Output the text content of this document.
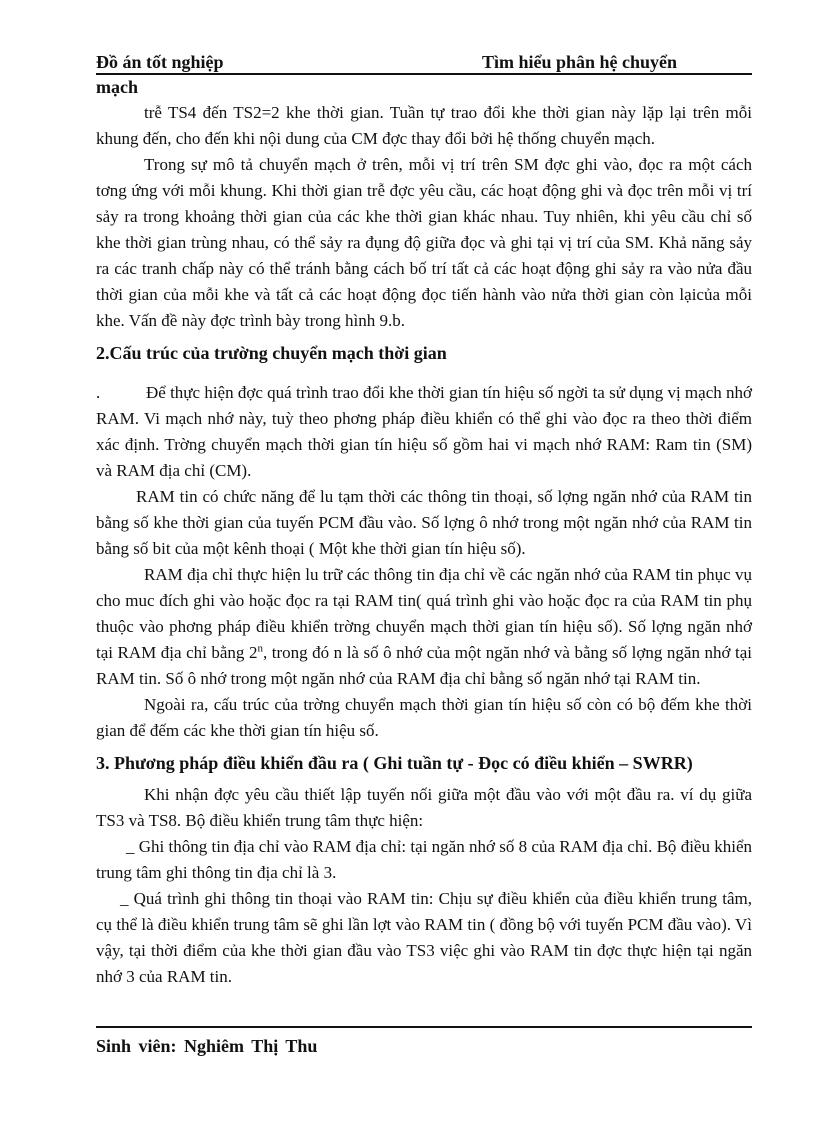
Đồ án tốt nghiệp	Tìm hiểu phân hệ chuyển
mạch

trễ TS4 đến TS2=2 khe thời gian. Tuần tự trao đổi khe thời gian này lặp lại trên mỗi khung đến, cho đến khi nội dung của CM đợc thay đổi bởi hệ thống chuyển mạch.

Trong sự mô tả chuyển mạch ở trên, mỗi vị trí trên SM đợc ghi vào, đọc ra một cách tơng ứng với mỗi khung. Khi thời gian trễ đợc yêu cầu, các hoạt động ghi và đọc trên mỗi vị trí sảy ra trong khoảng thời gian của các khe thời gian khác nhau. Tuy nhiên, khi yêu cầu chỉ số khe thời gian trùng nhau, có thể sảy ra đụng độ giữa đọc và ghi tại vị trí của SM. Khả năng sảy ra các tranh chấp này có thể tránh bằng cách bố trí tất cả các hoạt động ghi sảy ra vào nửa đầu thời gian của mỗi khe và tất cả các hoạt động đọc tiến hành vào nửa thời gian còn lạicủa mỗi khe. Vấn đề này đợc trình bày trong hình 9.b.

2.Cấu trúc của trường chuyển mạch thời gian

.	Để thực hiện đợc quá trình trao đổi khe thời gian tín hiệu số ngời ta sử dụng vị mạch nhớ RAM. Vi mạch nhớ này, tuỳ theo phơng pháp điều khiển có thể ghi vào đọc ra theo thời điểm xác định. Trờng chuyển mạch thời gian tín hiệu số gồm hai vi mạch nhớ RAM: Ram tin (SM) và RAM địa chỉ (CM).

RAM tin có chức năng để lu tạm thời các thông tin thoại, số lợng ngăn nhớ của RAM tin bằng số khe thời gian của tuyến PCM đầu vào. Số lợng ô nhớ trong một ngăn nhớ của RAM tin bằng số bit của một kênh thoại ( Một khe thời gian tín hiệu số).

RAM địa chỉ thực hiện lu trữ các thông tin địa chỉ về các ngăn nhớ của RAM tin phục vụ cho muc đích ghi vào hoặc đọc ra tại RAM tin( quá trình ghi vào hoặc đọc ra của RAM tin phụ thuộc vào phơng pháp điều khiển trờng chuyển mạch thời gian tín hiệu số). Số lợng ngăn nhớ tại RAM địa chỉ bằng 2$^n$, trong đó n là số ô nhớ của một ngăn nhớ và bằng số lợng ngăn nhớ tại RAM tin. Số ô nhớ trong một ngăn nhớ của RAM địa chỉ bằng số ngăn nhớ tại RAM tin.

Ngoài ra, cấu trúc của trờng chuyển mạch thời gian tín hiệu số còn có bộ đếm khe thời gian để đếm các khe thời gian tín hiệu số.

3. Phương pháp điều khiển đầu ra ( Ghi tuần tự - Đọc có điều khiển – SWRR)

Khi nhận đợc yêu cầu thiết lập tuyến nối giữa một đầu vào với một đầu ra. ví dụ giữa TS3 và TS8. Bộ điều khiển trung tâm thực hiện:

_ Ghi thông tin địa chỉ vào RAM địa chỉ: tại ngăn nhớ số 8 của RAM địa chỉ. Bộ điều khiển trung tâm ghi thông tin địa chỉ là 3.

_ Quá trình ghi thông tin thoại vào RAM tin: Chịu sự điều khiển của điều khiển trung tâm, cụ thể là điều khiển trung tâm sẽ ghi lần lợt vào RAM tin ( đồng bộ với tuyến PCM đầu vào). Vì vậy, tại thời điểm của khe thời gian đầu vào TS3 việc ghi vào RAM tin đợc thực hiện tại ngăn nhớ 3 của RAM tin.

Sinh viên: Nghiêm Thị Thu
